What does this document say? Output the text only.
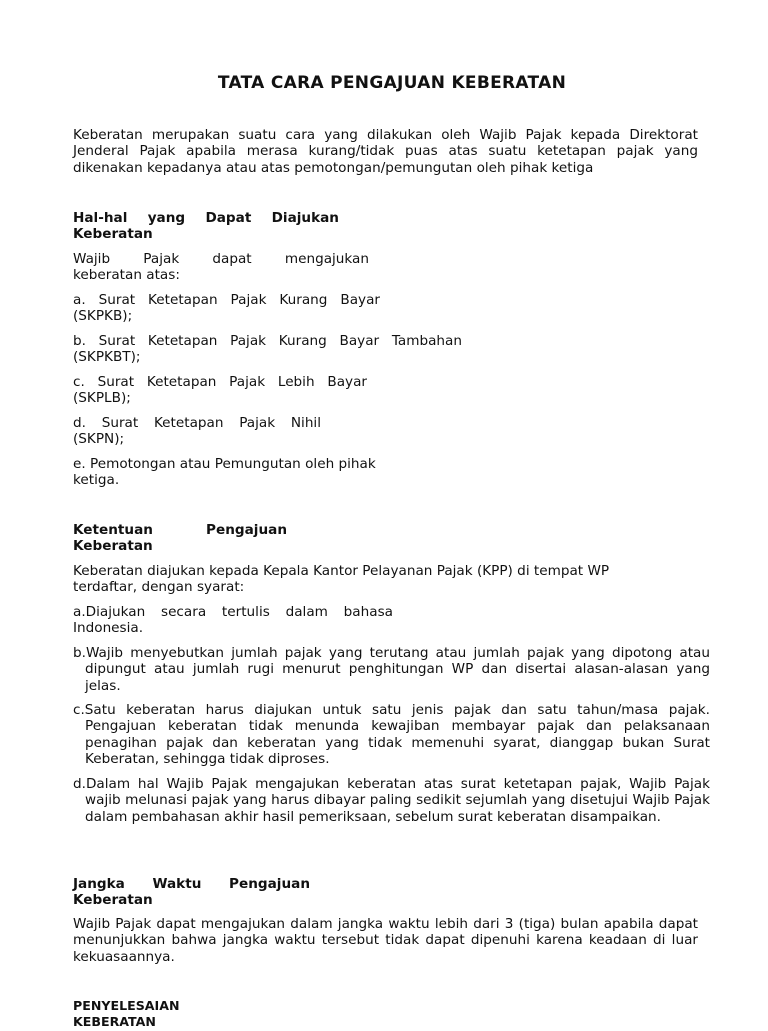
TATA CARA PENGAJUAN KEBERATAN

Keberatan merupakan suatu cara yang dilakukan oleh Wajib Pajak kepada Direktorat Jenderal Pajak apabila merasa kurang/tidak puas atas suatu ketetapan pajak yang dikenakan kepadanya atau atas pemotongan/pemungutan oleh pihak ketiga

Hal-hal yang Dapat Diajukan
Keberatan
Wajib Pajak dapat mengajukan
keberatan atas:
a. Surat Ketetapan Pajak Kurang Bayar
(SKPKB);
b. Surat Ketetapan Pajak Kurang Bayar Tambahan
(SKPKBT);
c. Surat Ketetapan Pajak Lebih Bayar
(SKPLB);
d. Surat Ketetapan Pajak Nihil
(SKPN);
e. Pemotongan atau Pemungutan oleh pihak
ketiga.
Ketentuan Pengajuan
Keberatan

Keberatan diajukan kepada Kepala Kantor Pelayanan Pajak (KPP) di tempat WP terdaftar, dengan syarat:

a.Diajukan secara tertulis dalam bahasa
Indonesia.

b.Wajib menyebutkan jumlah pajak yang terutang atau jumlah pajak yang dipotong atau dipungut atau jumlah rugi menurut penghitungan WP dan disertai alasan-alasan yang jelas.

c.Satu keberatan harus diajukan untuk satu jenis pajak dan satu tahun/masa pajak. Pengajuan keberatan tidak menunda kewajiban membayar pajak dan pelaksanaan penagihan pajak dan keberatan yang tidak memenuhi syarat, dianggap bukan Surat Keberatan, sehingga tidak diproses.

d.Dalam hal Wajib Pajak mengajukan keberatan atas surat ketetapan pajak, Wajib Pajak wajib melunasi pajak yang harus dibayar paling sedikit sejumlah yang disetujui Wajib Pajak dalam pembahasan akhir hasil pemeriksaan, sebelum surat keberatan disampaikan.

Jangka Waktu Pengajuan
Keberatan

Wajib Pajak dapat mengajukan dalam jangka waktu lebih dari 3 (tiga) bulan apabila dapat menunjukkan bahwa jangka waktu tersebut tidak dapat dipenuhi karena keadaan di luar kekuasaannya.

PENYELESAIAN
KEBERATAN
